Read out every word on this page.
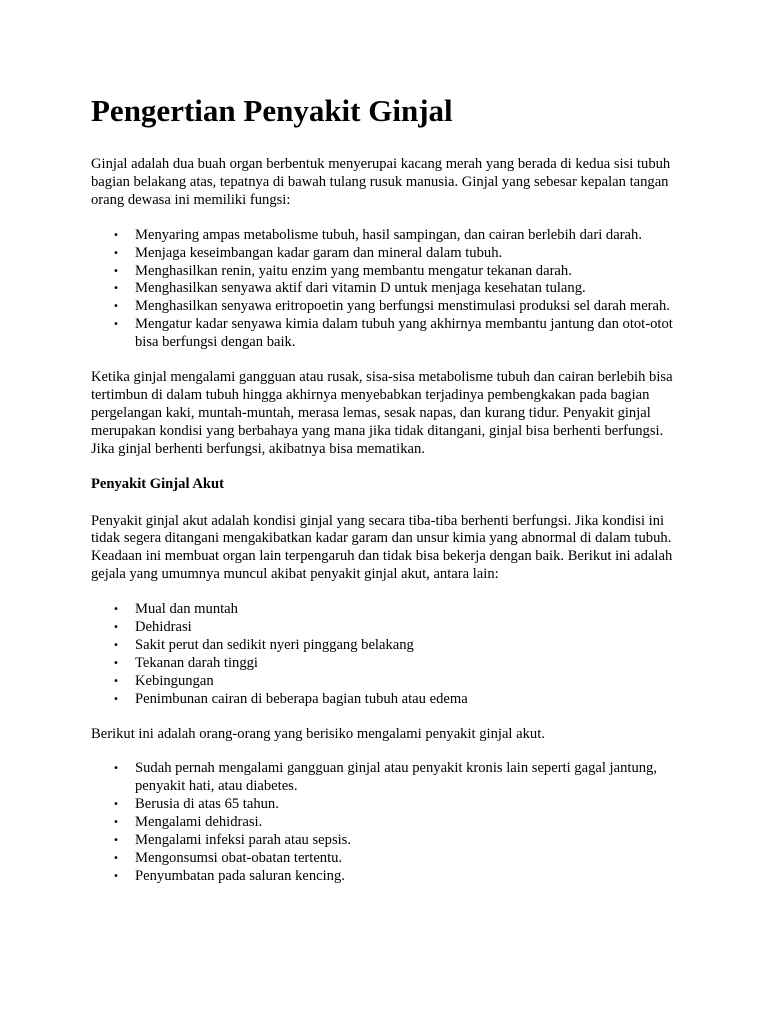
Pengertian Penyakit Ginjal

Ginjal adalah dua buah organ berbentuk menyerupai kacang merah yang berada di kedua sisi tubuh bagian belakang atas, tepatnya di bawah tulang rusuk manusia. Ginjal yang sebesar kepalan tangan orang dewasa ini memiliki fungsi:

• Menyaring ampas metabolisme tubuh, hasil sampingan, dan cairan berlebih dari darah.
• Menjaga keseimbangan kadar garam dan mineral dalam tubuh.
• Menghasilkan renin, yaitu enzim yang membantu mengatur tekanan darah.
• Menghasilkan senyawa aktif dari vitamin D untuk menjaga kesehatan tulang.
• Menghasilkan senyawa eritropoetin yang berfungsi menstimulasi produksi sel darah merah.
• Mengatur kadar senyawa kimia dalam tubuh yang akhirnya membantu jantung dan otot-otot bisa berfungsi dengan baik.

Ketika ginjal mengalami gangguan atau rusak, sisa-sisa metabolisme tubuh dan cairan berlebih bisa tertimbun di dalam tubuh hingga akhirnya menyebabkan terjadinya pembengkakan pada bagian pergelangan kaki, muntah-muntah, merasa lemas, sesak napas, dan kurang tidur. Penyakit ginjal merupakan kondisi yang berbahaya yang mana jika tidak ditangani, ginjal bisa berhenti berfungsi. Jika ginjal berhenti berfungsi, akibatnya bisa mematikan.

Penyakit Ginjal Akut

Penyakit ginjal akut adalah kondisi ginjal yang secara tiba-tiba berhenti berfungsi. Jika kondisi ini tidak segera ditangani mengakibatkan kadar garam dan unsur kimia yang abnormal di dalam tubuh. Keadaan ini membuat organ lain terpengaruh dan tidak bisa bekerja dengan baik. Berikut ini adalah gejala yang umumnya muncul akibat penyakit ginjal akut, antara lain:

• Mual dan muntah
• Dehidrasi
• Sakit perut dan sedikit nyeri pinggang belakang
• Tekanan darah tinggi
• Kebingungan
• Penimbunan cairan di beberapa bagian tubuh atau edema

Berikut ini adalah orang-orang yang berisiko mengalami penyakit ginjal akut.

• Sudah pernah mengalami gangguan ginjal atau penyakit kronis lain seperti gagal jantung, penyakit hati, atau diabetes.
• Berusia di atas 65 tahun.
• Mengalami dehidrasi.
• Mengalami infeksi parah atau sepsis.
• Mengonsumsi obat-obatan tertentu.
• Penyumbatan pada saluran kencing.
